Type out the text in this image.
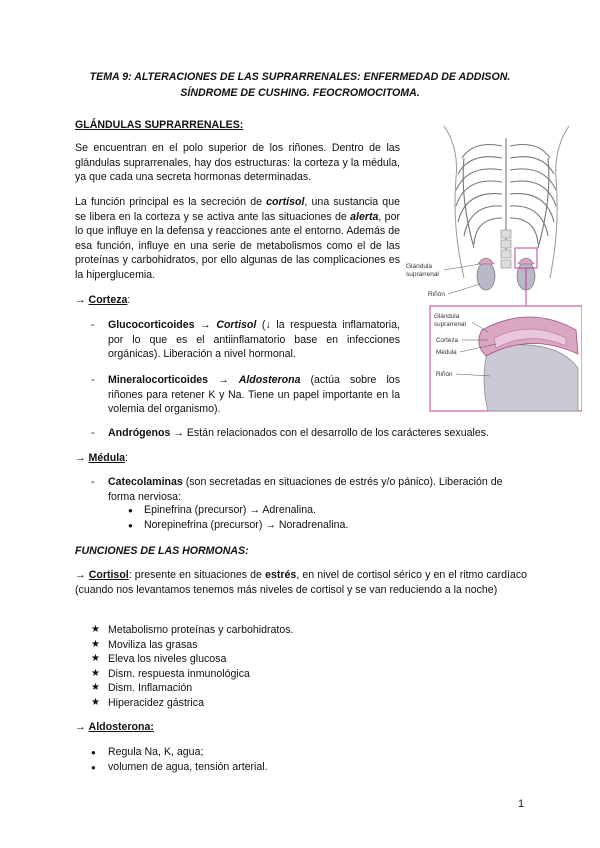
TEMA 9: ALTERACIONES DE LAS SUPRARRENALES: ENFERMEDAD DE ADDISON.
SÍNDROME DE CUSHING. FEOCROMOCITOMA.
GLÁNDULAS SUPRARRENALES:

Se encuentran en el polo superior de los riñones. Dentro de las glándulas suprarrenales, hay dos estructuras: la corteza y la médula, ya que cada una secreta hormonas determinadas.

La función principal es la secreción de cortisol, una sustancia que se libera en la corteza y se activa ante las situaciones de alerta, por lo que influye en la defensa y reacciones ante el entorno. Además de esa función, influye en una serie de metabolismos como el de las proteínas y carbohidratos, por ello algunas de las complicaciones es la hiperglucemia.

→ Corteza:
- Glucocorticoides → Cortisol (↓ la respuesta inflamatoria, por lo que es el antiinflamatorio base en infecciones orgánicas). Liberación a nivel hormonal.

- Mineralocorticoides → Aldosterona (actúa sobre los riñones para retener K y Na. Tiene un papel importante en la volemia del organismo).

- Andrógenos → Están relacionados con el desarrollo de los carácteres sexuales.

→ Médula:
- Catecolaminas (son secretadas en situaciones de estrés y/o pánico). Liberación de forma nerviosa:

● Epinefrina (precursor) → Adrenalina.
● Norepinefrina (precursor) → Noradrenalina.
FUNCIONES DE LAS HORMONAS:

→ Cortisol: presente en situaciones de estrés, en nivel de cortisol sérico y en el ritmo cardíaco (cuando nos levantamos tenemos más niveles de cortisol y se van reduciendo a la noche)

★ Metabolismo proteínas y carbohidratos.
★ Moviliza las grasas
★ Eleva los niveles glucosa
★ Dism. respuesta inmunológica
★ Dism. Inflamación
★ Hiperacidez gástrica
→ Aldosterona:
● Regula Na, K, agua;
● volumen de agua, tensión arterial.
Glándula
suprarrenal
Riñón
Glándula
suprarrenal
Corteza
Médula
Riñón
1
